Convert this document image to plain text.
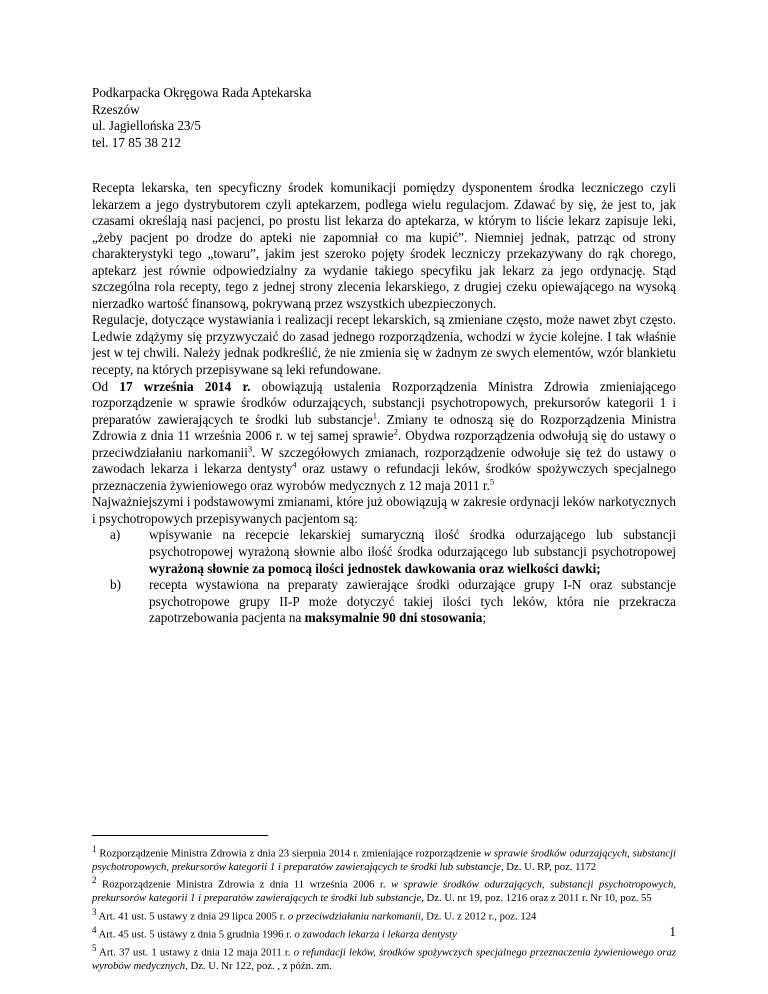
Podkarpacka Okręgowa Rada Aptekarska
Rzeszów
ul. Jagiellońska 23/5
tel. 17 85 38 212

Recepta lekarska, ten specyficzny środek komunikacji pomiędzy dysponentem środka leczniczego czyli lekarzem a jego dystrybutorem czyli aptekarzem, podlega wielu regulacjom. Zdawać by się, że jest to, jak czasami określają nasi pacjenci, po prostu list lekarza do aptekarza, w którym to liście lekarz zapisuje leki, „żeby pacjent po drodze do apteki nie zapomniał co ma kupić”. Niemniej jednak, patrząc od strony charakterystyki tego „towaru”, jakim jest szeroko pojęty środek leczniczy przekazywany do rąk chorego, aptekarz jest równie odpowiedzialny za wydanie takiego specyfiku jak lekarz za jego ordynację. Stąd szczególna rola recepty, tego z jednej strony zlecenia lekarskiego, z drugiej czeku opiewającego na wysoką nierzadko wartość finansową, pokrywaną przez wszystkich ubezpieczonych.

Regulacje, dotyczące wystawiania i realizacji recept lekarskich, są zmieniane często, może nawet zbyt często. Ledwie zdążymy się przyzwyczaić do zasad jednego rozporządzenia, wchodzi w życie kolejne. I tak właśnie jest w tej chwili. Należy jednak podkreślić, że nie zmienia się w żadnym ze swych elementów, wzór blankietu recepty, na których przepisywane są leki refundowane.

Od 17 września 2014 r. obowiązują ustalenia Rozporządzenia Ministra Zdrowia zmieniającego rozporządzenie w sprawie środków odurzających, substancji psychotropowych, prekursorów kategorii 1 i preparatów zawierających te środki lub substancje$^1$. Zmiany te odnoszą się do Rozporządzenia Ministra Zdrowia z dnia 11 września 2006 r. w tej samej sprawie$^2$. Obydwa rozporządzenia odwołują się do ustawy o przeciwdziałaniu narkomanii$^3$. W szczegółowych zmianach, rozporządzenie odwołuje się też do ustawy o zawodach lekarza i lekarza dentysty$^4$ oraz ustawy o refundacji leków, środków spożywczych specjalnego przeznaczenia żywieniowego oraz wyrobów medycznych z 12 maja 2011 r.$^5$

Najważniejszymi i podstawowymi zmianami, które już obowiązują w zakresie ordynacji leków narkotycznych i psychotropowych przepisywanych pacjentom są:

a) wpisywanie na recepcie lekarskiej sumaryczną ilość środka odurzającego lub substancji psychotropowej wyrażoną słownie albo ilość środka odurzającego lub substancji psychotropowej wyrażoną słownie za pomocą ilości jednostek dawkowania oraz wielkości dawki;
b) recepta wystawiona na preparaty zawierające środki odurzające grupy I-N oraz substancje psychotropowe grupy II-P może dotyczyć takiej ilości tych leków, która nie przekracza zapotrzebowania pacjenta na maksymalnie 90 dni stosowania;
$^1$ Rozporządzenie Ministra Zdrowia z dnia 23 sierpnia 2014 r. zmieniające rozporządzenie w sprawie środków odurzających, substancji psychotropowych, prekursorów kategorii 1 i preparatów zawierających te środki lub substancje, Dz. U. RP, poz. 1172
$^2$ Rozporządzenie Ministra Zdrowia z dnia 11 września 2006 r. w sprawie środków odurzających, substancji psychotropowych, prekursorów kategorii 1 i preparatów zawierających te środki lub substancje, Dz. U. nr 19, poz. 1216 oraz z 2011 r. Nr 10, poz. 55
$^3$ Art. 41 ust. 5 ustawy z dnia 29 lipca 2005 r. o przeciwdziałaniu narkomanii, Dz. U. z 2012 r., poz. 124
$^4$ Art. 45 ust. 5 ustawy z dnia 5 grudnia 1996 r. o zawodach lekarza i lekarza dentysty
$^5$ Art. 37 ust. 1 ustawy z dnia 12 maja 2011 r. o refundacji leków, środków spożywczych specjalnego przeznaczenia żywieniowego oraz wyrobów medycznych, Dz. U. Nr 122, poz. , z późn. zm.
1
